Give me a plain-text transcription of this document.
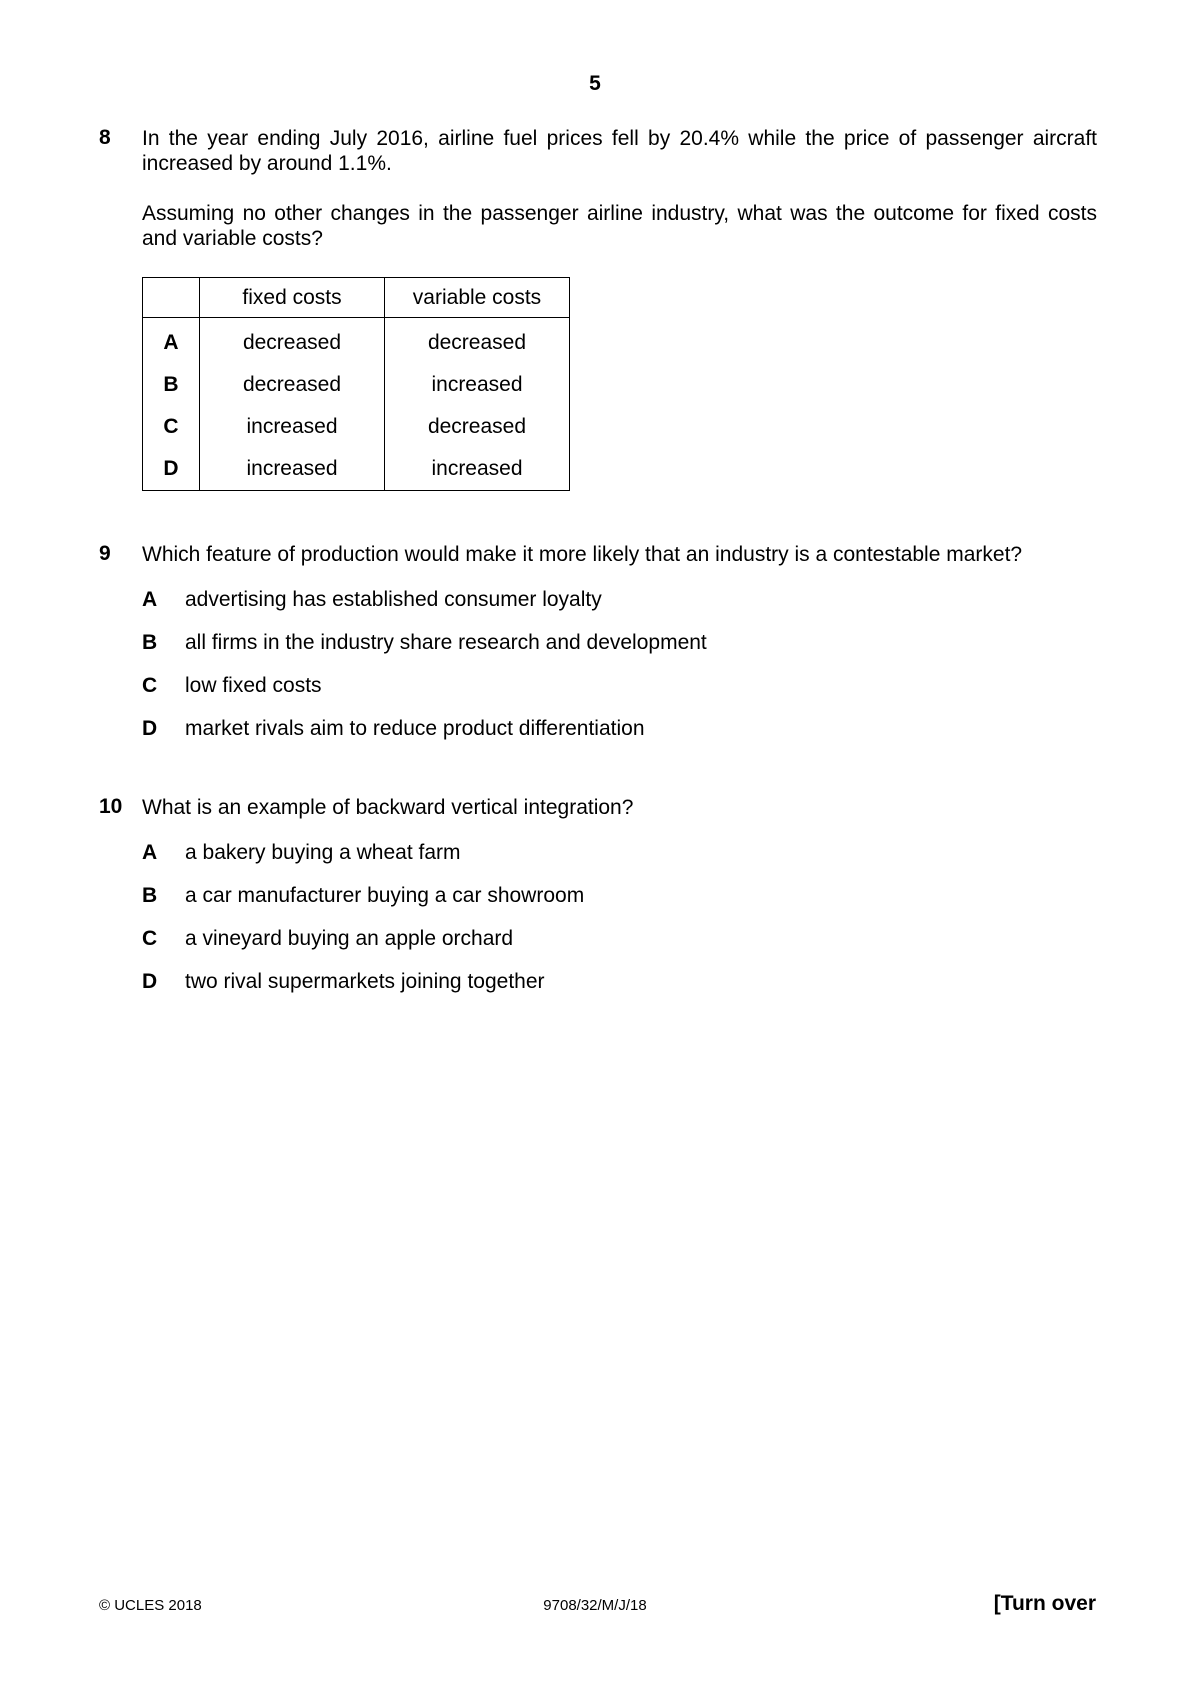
5
8 In the year ending July 2016, airline fuel prices fell by 20.4% while the price of passenger aircraft increased by around 1.1%.
Assuming no other changes in the passenger airline industry, what was the outcome for fixed costs and variable costs?
	fixed costs	variable costs
A	decreased	decreased
B	decreased	increased
C	increased	decreased
D	increased	increased
9 Which feature of production would make it more likely that an industry is a contestable market?
A advertising has established consumer loyalty
B all firms in the industry share research and development
C low fixed costs
D market rivals aim to reduce product differentiation
10 What is an example of backward vertical integration?
A a bakery buying a wheat farm
B a car manufacturer buying a car showroom
C a vineyard buying an apple orchard
D two rival supermarkets joining together
© UCLES 2018	9708/32/M/J/18	[Turn over
